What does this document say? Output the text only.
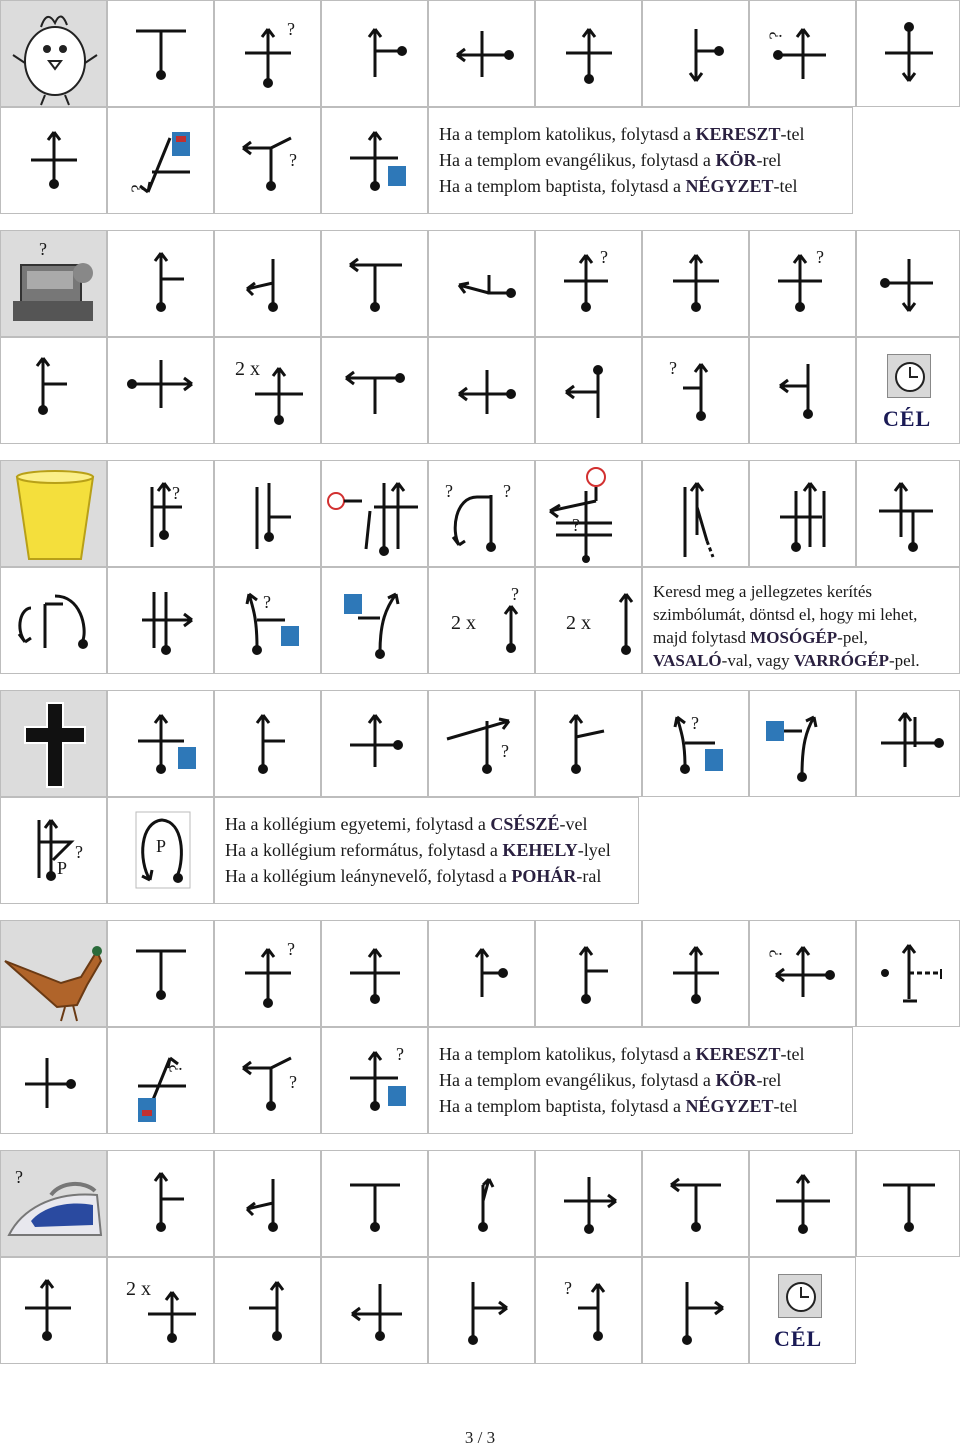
?	?
?
?
Ha a templom katolikus, folytasd a KERESZT-tel
Ha a templom evangélikus, folytasd a KÖR-rel
Ha a templom baptista, folytasd a NÉGYZET-tel
?	?	?
2 x	?
CÉL
?	?	?
?
?
2 x
?
2 x
Keresd meg a jellegzetes kerítés
szimbólumát, döntsd el, hogy mi lehet,
majd folytasd MOSÓGÉP-pel,
VASALÓ-val, vagy VARRÓGÉP-pel.
?
?
?
P
P
Ha a kollégium egyetemi, folytasd a CSÉSZÉ-vel
Ha a kollégium református, folytasd a KEHELY-lyel
Ha a kollégium leánynevelő, folytasd a POHÁR-ral
?	?
?
?
? Ha a templom katolikus, folytasd a KERESZT-tel
Ha a templom evangélikus, folytasd a KÖR-rel
Ha a templom baptista, folytasd a NÉGYZET-tel
?
2 x	?
CÉL
3 / 3
